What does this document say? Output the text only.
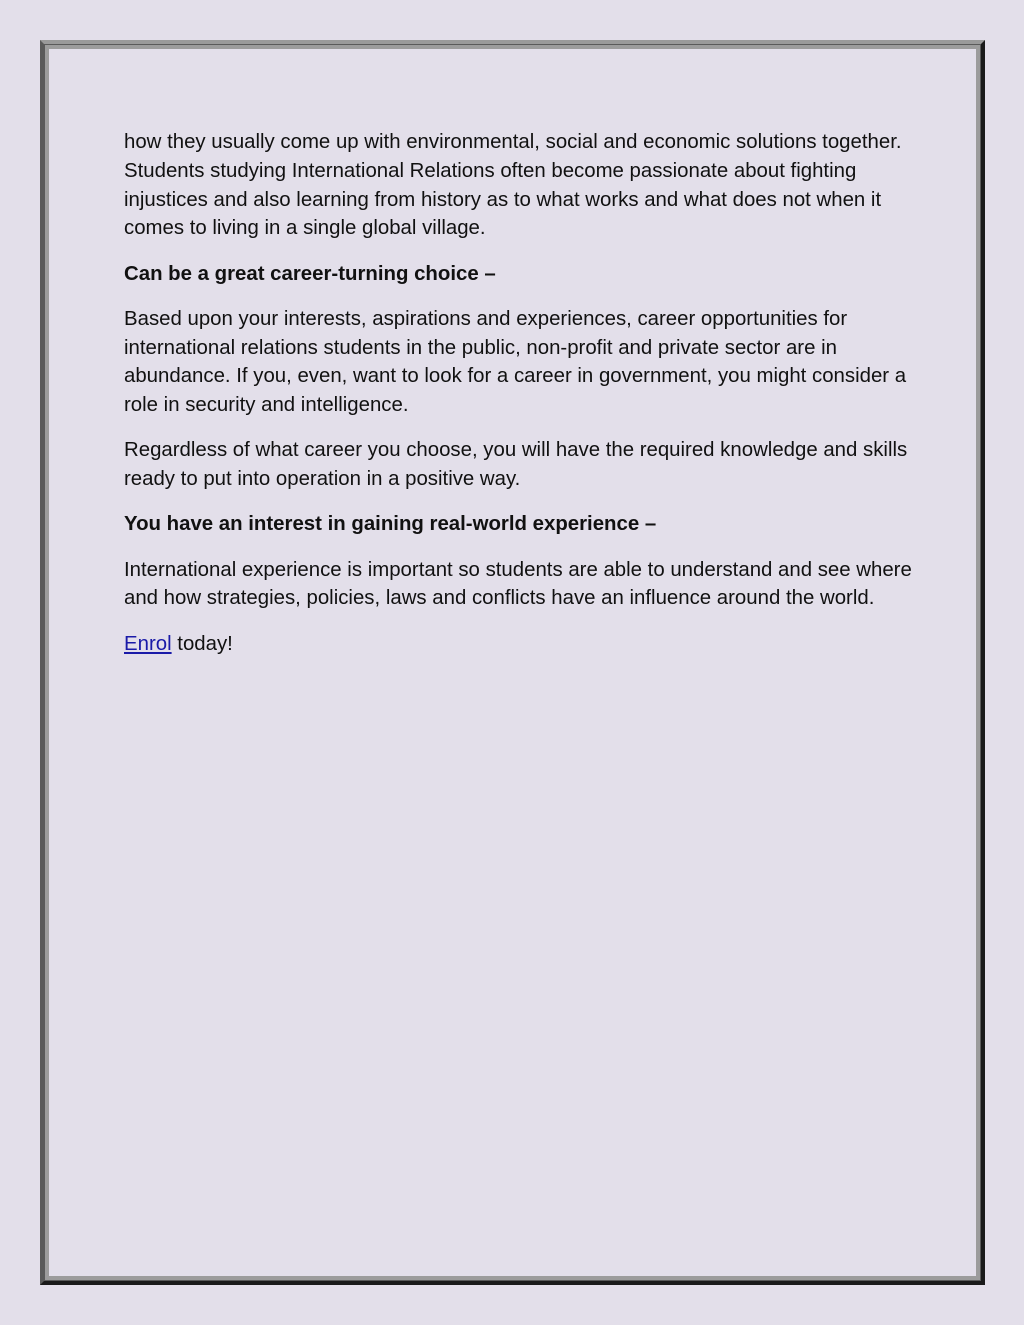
how they usually come up with environmental, social and economic solutions together. Students studying International Relations often become passionate about fighting injustices and also learning from history as to what works and what does not when it comes to living in a single global village.

Can be a great career-turning choice –

Based upon your interests, aspirations and experiences, career opportunities for international relations students in the public, non-profit and private sector are in abundance. If you, even, want to look for a career in government, you might consider a role in security and intelligence.

Regardless of what career you choose, you will have the required knowledge and skills ready to put into operation in a positive way.

You have an interest in gaining real-world experience –

International experience is important so students are able to understand and see where and how strategies, policies, laws and conflicts have an influence around the world.

Enrol today!
